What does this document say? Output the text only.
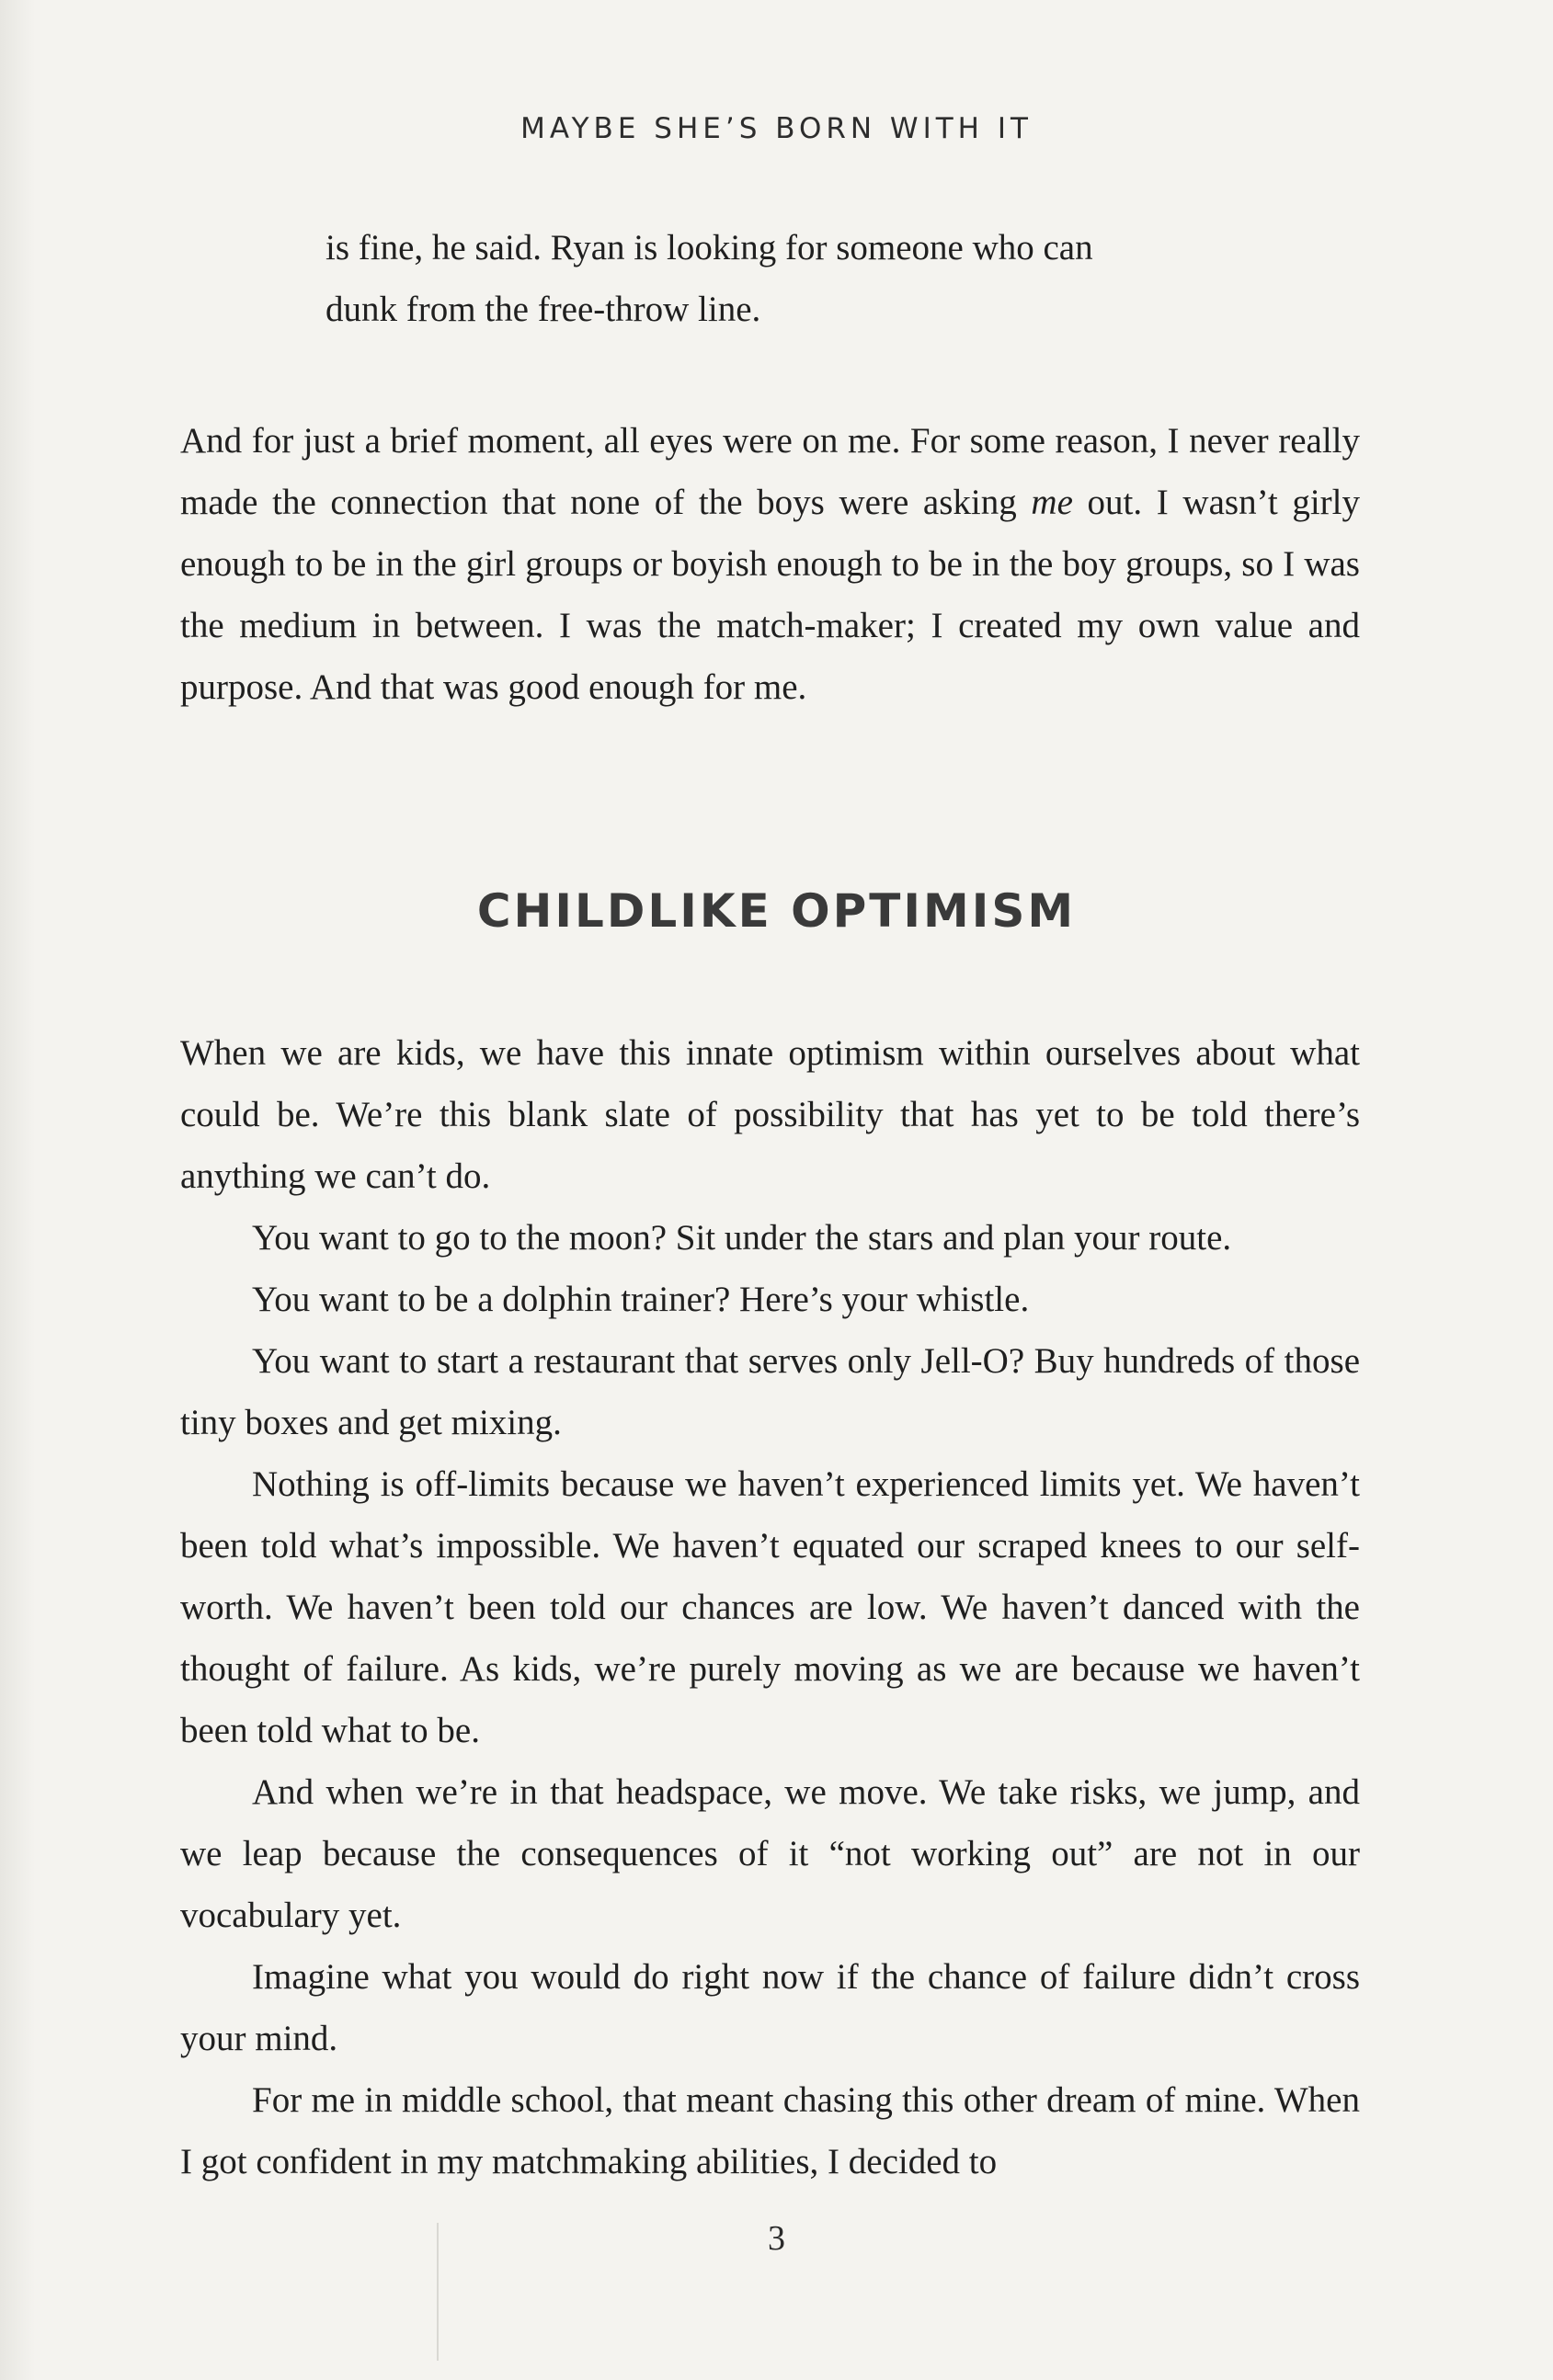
MAYBE SHE’S BORN WITH IT

is fine, he said. Ryan is looking for someone who can

dunk from the free-throw line.

And for just a brief moment, all eyes were on me. For some reason, I never really made the connection that none of the boys were asking me out. I wasn’t girly enough to be in the girl groups or boyish enough to be in the boy groups, so I was the medium in between. I was the match-maker; I created my own value and purpose. And that was good enough for me.

CHILDLIKE OPTIMISM

When we are kids, we have this innate optimism within ourselves about what could be. We’re this blank slate of possibility that has yet to be told there’s anything we can’t do.

You want to go to the moon? Sit under the stars and plan your route.

You want to be a dolphin trainer? Here’s your whistle.

You want to start a restaurant that serves only Jell-O? Buy hundreds of those tiny boxes and get mixing.

Nothing is off-limits because we haven’t experienced limits yet. We haven’t been told what’s impossible. We haven’t equated our scraped knees to our self-worth. We haven’t been told our chances are low. We haven’t danced with the thought of failure. As kids, we’re purely moving as we are because we haven’t been told what to be.

And when we’re in that headspace, we move. We take risks, we jump, and we leap because the consequences of it “not working out” are not in our vocabulary yet.

Imagine what you would do right now if the chance of failure didn’t cross your mind.

For me in middle school, that meant chasing this other dream of mine. When I got confident in my matchmaking abilities, I decided to

3
